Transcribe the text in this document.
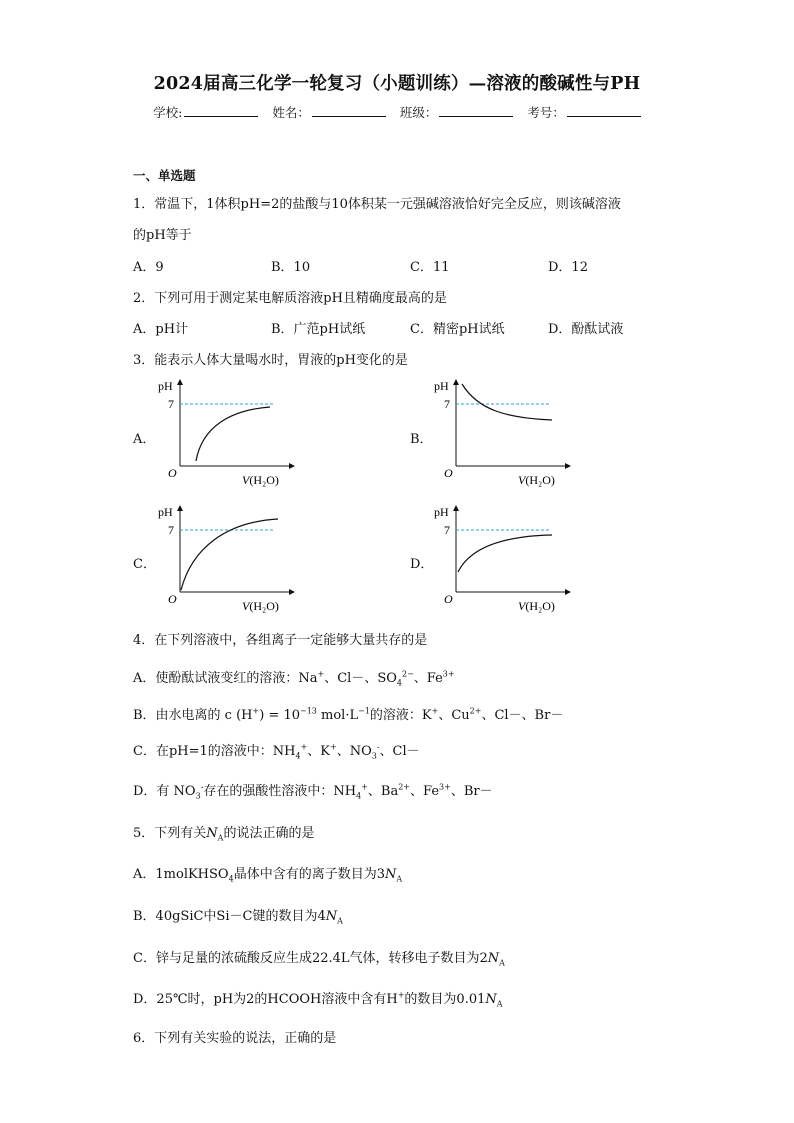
2024届高三化学一轮复习（小题训练）—溶液的酸碱性与PH
学校:	姓名：	班级：	考号：
一、单选题
1．常温下，1体积pH=2的盐酸与10体积某一元强碱溶液恰好完全反应，则该碱溶液
的pH等于
A．9	B．10	C．11	D．12
2．下列可用于测定某电解质溶液pH且精确度最高的是
A．pH计	B．广范pH试纸	C．精密pH试纸	D．酚酞试液
3．能表示人体大量喝水时，胃液的pH变化的是
A．	B．
C．	D．
pH
7
O	V(H₂O)
pH
7
O	V(H₂O)
pH
7
O	V(H₂O)
pH
7
O	V(H₂O)
4．在下列溶液中，各组离子一定能够大量共存的是
A．使酚酞试液变红的溶液：Na+、Cl－、$SO_4^{2-}$、$Fe^{3+}$
B．由水电离的 c $(H^+) = 10^{-13}$ $mol\cdot L^{-1}$的溶液：K+、$Cu^{2+}$、Cl－、Br－
C．在pH=1的溶液中：$NH_4^+$、K+、$NO_3^-$、Cl－
D．有 $NO_3^-$存在的强酸性溶液中：$NH_4^+$、$Ba^{2+}$、$Fe^{3+}$、Br－
5．下列有关$N_A$的说法正确的是
A．1molKHSO$_4$晶体中含有的离子数目为$3N_A$
B．40gSiC中Si－C键的数目为$4N_A$
C．锌与足量的浓硫酸反应生成22.4L气体，转移电子数目为$2N_A$
D．25℃时，pH为2的HCOOH溶液中含有H+的数目为$0.01N_A$
6．下列有关实验的说法，正确的是
